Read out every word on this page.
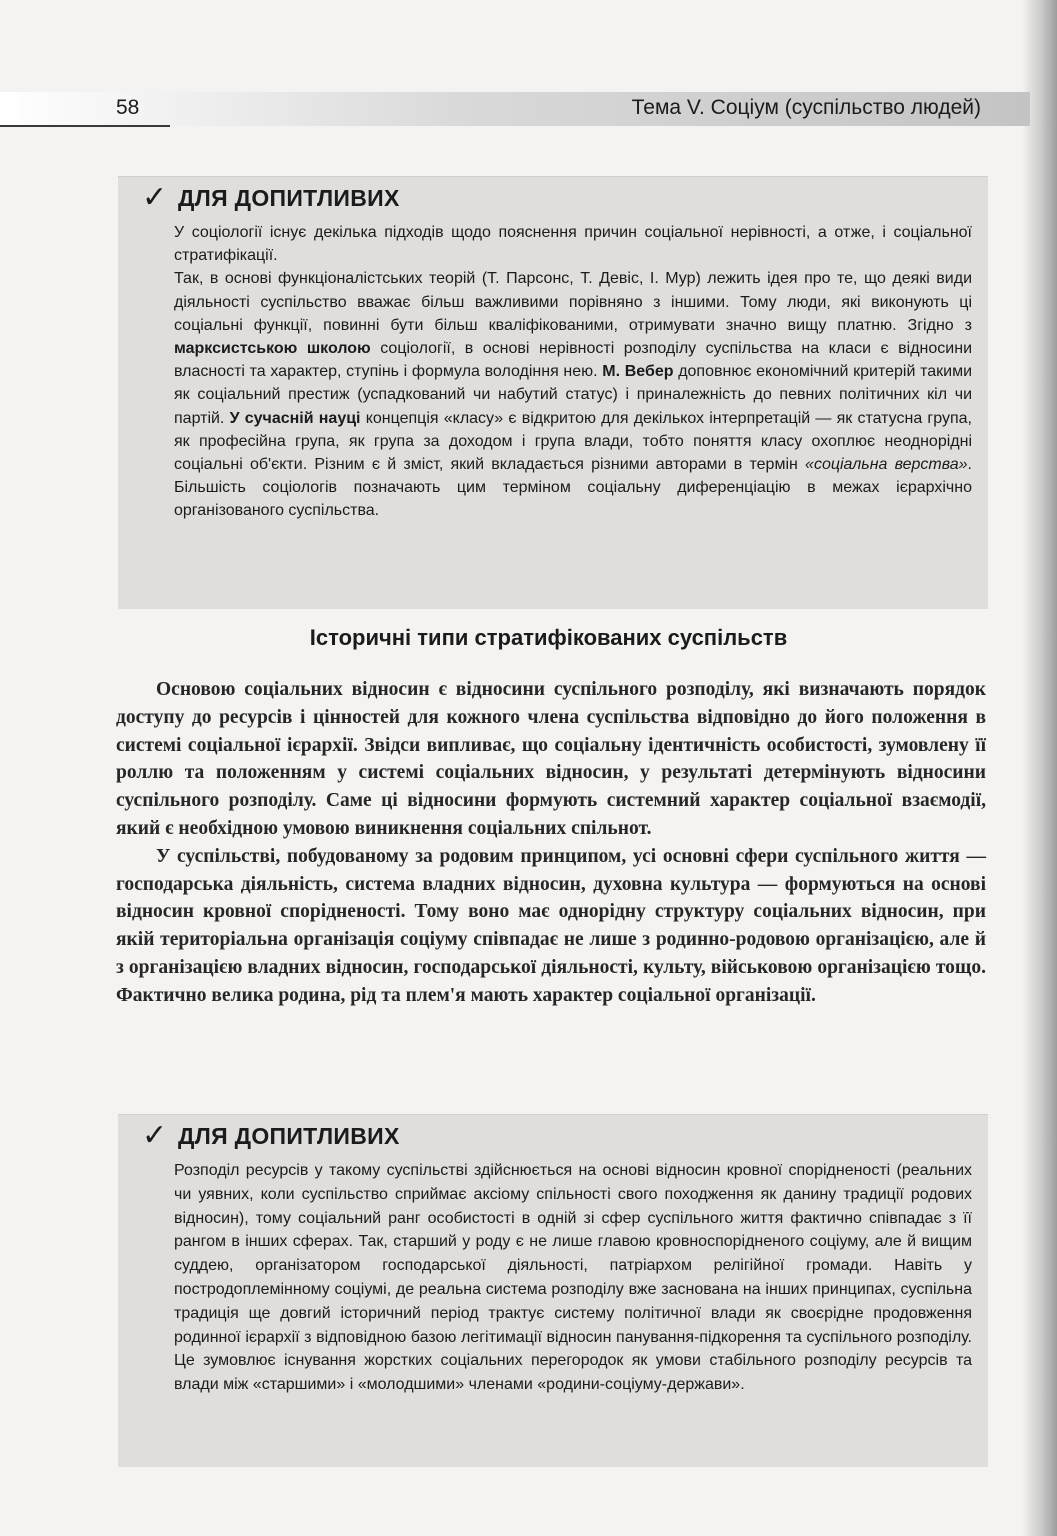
58	Тема V. Соціум (суспільство людей)
✓ ДЛЯ ДОПИТЛИВИХ

У соціології існує декілька підходів щодо пояснення причин соціальної нерівності, а отже, і соціальної стратифікації.

Так, в основі функціоналістських теорій (Т. Парсонс, Т. Девіс, І. Мур) лежить ідея про те, що деякі види діяльності суспільство вважає більш важливими порівняно з іншими. Тому люди, які виконують ці соціальні функції, повинні бути більш кваліфікованими, отримувати значно вищу платню. Згідно з марксистською школою соціології, в основі нерівності розподілу суспільства на класи є відносини власності та характер, ступінь і формула володіння нею. М. Вебер доповнює економічний критерій такими як соціальний престиж (успадкований чи набутий статус) і приналежність до певних політичних кіл чи партій. У сучасній науці концепція «класу» є відкритою для декількох інтерпретацій — як статусна група, як професійна група, як група за доходом і група влади, тобто поняття класу охоплює неоднорідні соціальні об'єкти. Різним є й зміст, який вкладається різними авторами в термін «соціальна верства». Більшість соціологів позначають цим терміном соціальну диференціацію в межах ієрархічно організованого суспільства.

Історичні типи стратифікованих суспільств

Основою соціальних відносин є відносини суспільного розподілу, які визначають порядок доступу до ресурсів і цінностей для кожного члена суспільства відповідно до його положення в системі соціальної ієрархії. Звідси випливає, що соціальну ідентичність особистості, зумовлену її роллю та положенням у системі соціальних відносин, у результаті детермінують відносини суспільного розподілу. Саме ці відносини формують системний характер соціальної взаємодії, який є необхідною умовою виникнення соціальних спільнот.

У суспільстві, побудованому за родовим принципом, усі основні сфери суспільного життя — господарська діяльність, система владних відносин, духовна культура — формуються на основі відносин кровної спорідненості. Тому воно має однорідну структуру соціальних відносин, при якій територіальна організація соціуму співпадає не лише з родинно-родовою організацією, але й з організацією владних відносин, господарської діяльності, культу, військовою організацією тощо. Фактично велика родина, рід та плем'я мають характер соціальної організації.

✓ ДЛЯ ДОПИТЛИВИХ

Розподіл ресурсів у такому суспільстві здійснюється на основі відносин кровної спорідненості (реальних чи уявних, коли суспільство сприймає аксіому спільності свого походження як данину традиції родових відносин), тому соціальний ранг особистості в одній зі сфер суспільного життя фактично співпадає з її рангом в інших сферах. Так, старший у роду є не лише главою кровноспорідненого соціуму, але й вищим суддею, організатором господарської діяльності, патріархом релігійної громади. Навіть у постродоплемінному соціумі, де реальна система розподілу вже заснована на інших принципах, суспільна традиція ще довгий історичний період трактує систему політичної влади як своєрідне продовження родинної ієрархії з відповідною базою легітимації відносин панування-підкорення та суспільного розподілу. Це зумовлює існування жорстких соціальних перегородок як умови стабільного розподілу ресурсів та влади між «старшими» і «молодшими» членами «родини-соціуму-держави».
